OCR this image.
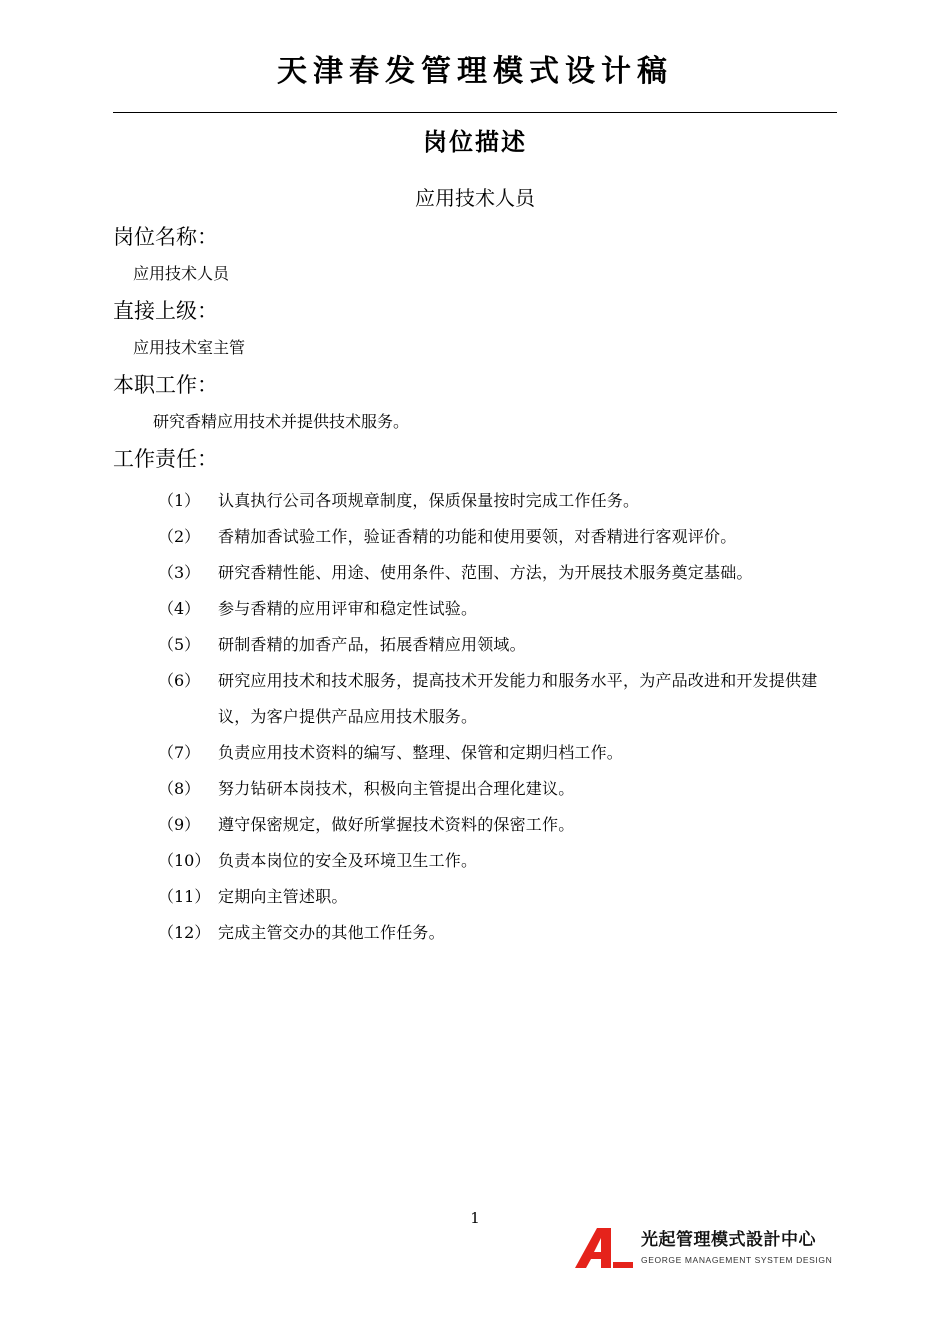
天津春发管理模式设计稿
岗位描述
应用技术人员
岗位名称：
应用技术人员
直接上级：
应用技术室主管
本职工作：
研究香精应用技术并提供技术服务。
工作责任：
（1）	认真执行公司各项规章制度，保质保量按时完成工作任务。
（2）	香精加香试验工作，验证香精的功能和使用要领，对香精进行客观评价。
（3）	研究香精性能、用途、使用条件、范围、方法，为开展技术服务奠定基础。
（4）	参与香精的应用评审和稳定性试验。
（5）	研制香精的加香产品，拓展香精应用领域。
（6）	研究应用技术和技术服务，提高技术开发能力和服务水平，为产品改进和开发提供建议，为客户提供产品应用技术服务。
（7）	负责应用技术资料的编写、整理、保管和定期归档工作。
（8）	努力钻研本岗技术，积极向主管提出合理化建议。
（9）	遵守保密规定，做好所掌握技术资料的保密工作。
（10） 负责本岗位的安全及环境卫生工作。
（11） 定期向主管述职。
（12） 完成主管交办的其他工作任务。
1
光起管理模式設計中心
GEORGE MANAGEMENT SYSTEM DESIGN
